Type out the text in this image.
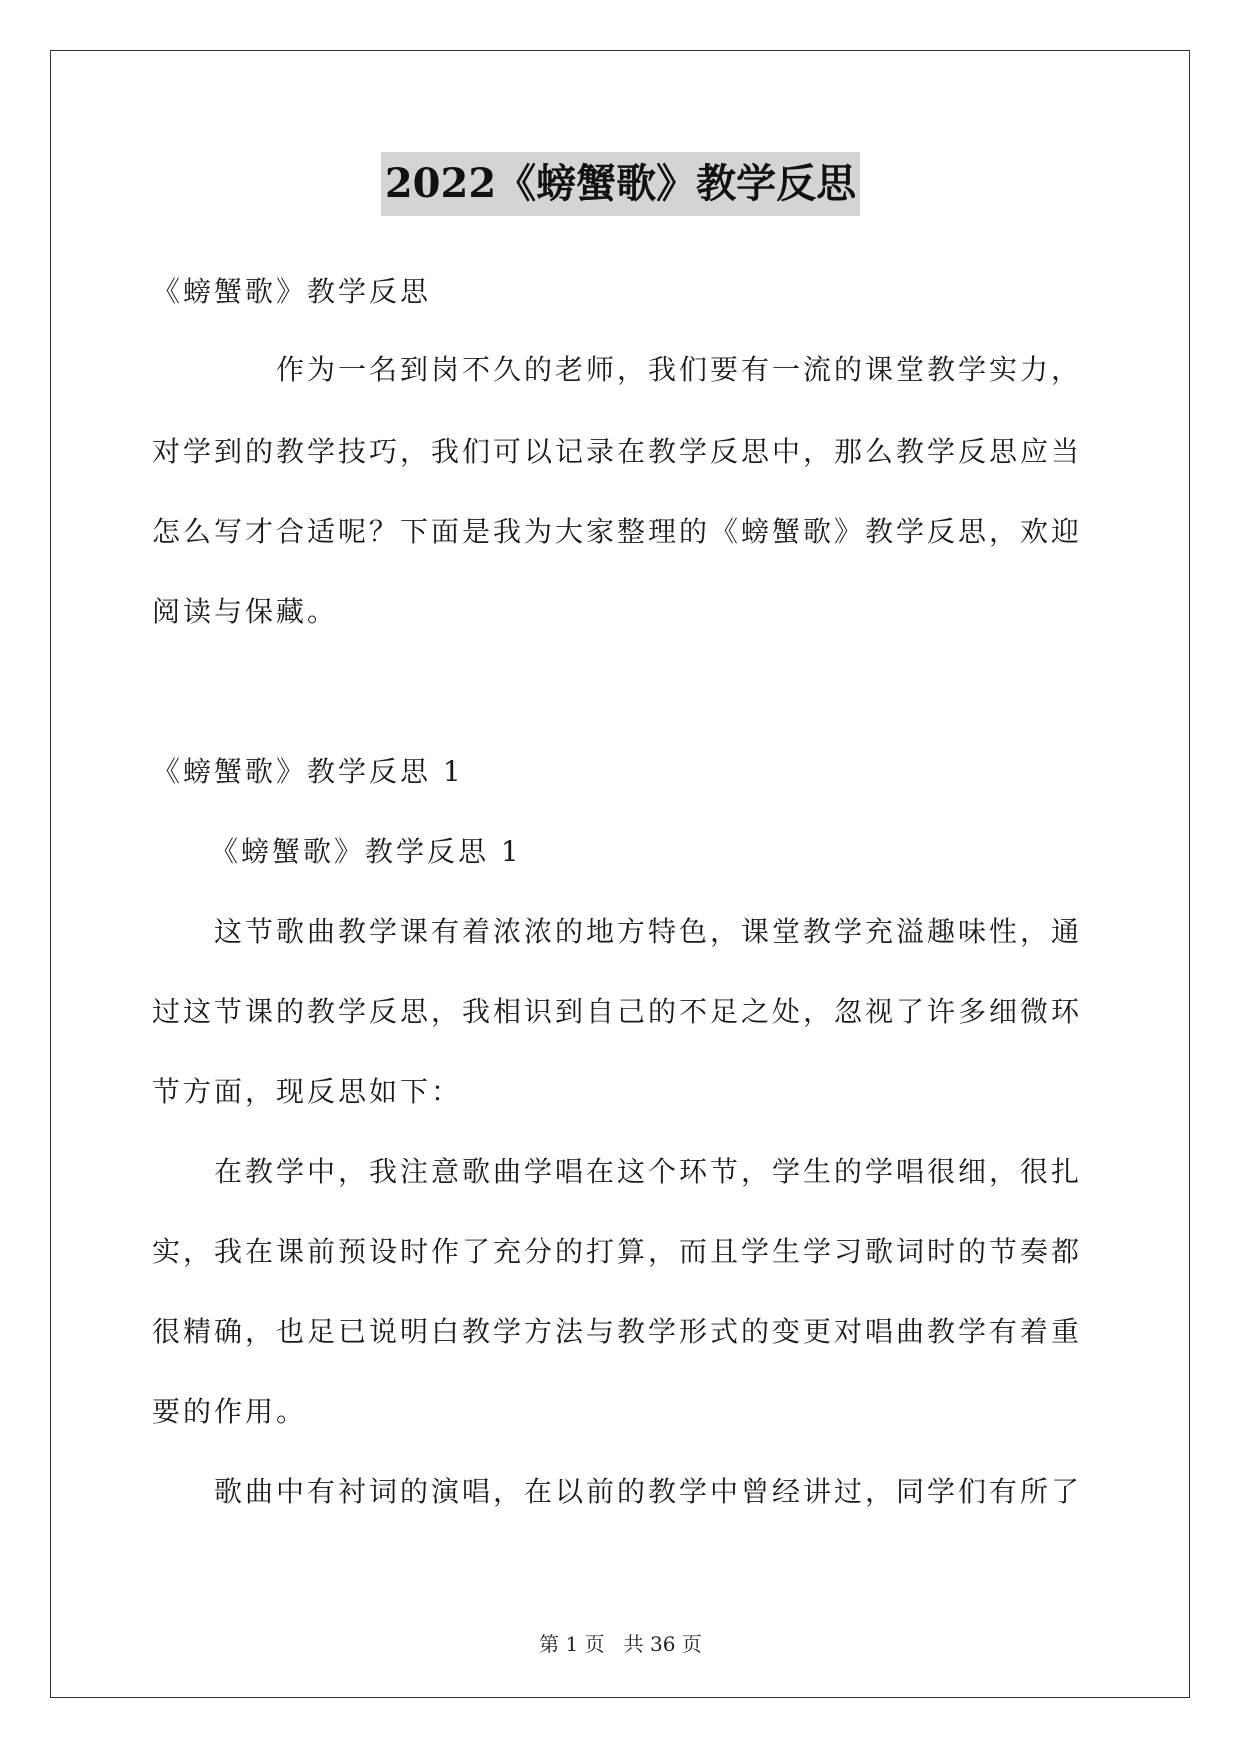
2022《螃蟹歌》教学反思
《螃蟹歌》教学反思
作为一名到岗不久的老师，我们要有一流的课堂教学实力，
对学到的教学技巧，我们可以记录在教学反思中，那么教学反思应当
怎么写才合适呢？下面是我为大家整理的《螃蟹歌》教学反思，欢迎
阅读与保藏。
《螃蟹歌》教学反思 1
《螃蟹歌》教学反思 1
这节歌曲教学课有着浓浓的地方特色，课堂教学充溢趣味性，通
过这节课的教学反思，我相识到自己的不足之处，忽视了许多细微环
节方面，现反思如下：
在教学中，我注意歌曲学唱在这个环节，学生的学唱很细，很扎
实，我在课前预设时作了充分的打算，而且学生学习歌词时的节奏都
很精确，也足已说明白教学方法与教学形式的变更对唱曲教学有着重
要的作用。
歌曲中有衬词的演唱，在以前的教学中曾经讲过，同学们有所了
第 1 页   共 36 页
